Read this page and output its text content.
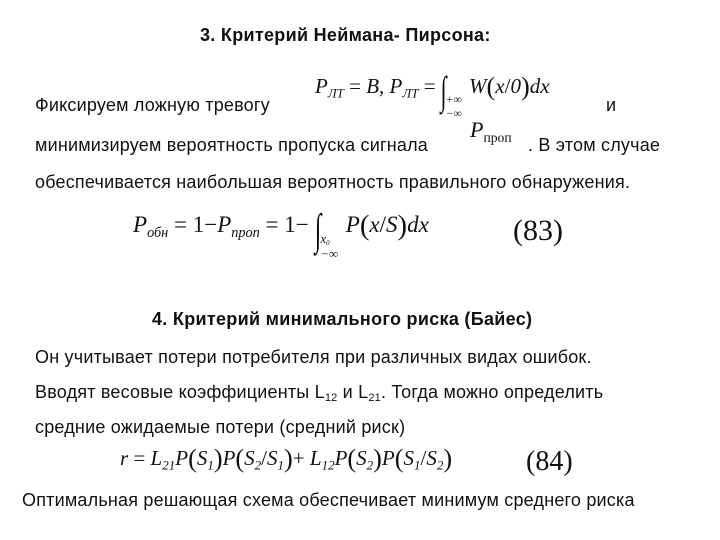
3. Критерий Неймана- Пирсона:
Фиксируем ложную тревогу
$P_{ЛТ} = B$, $P_{ЛТ}$ = ∫ +∞
−∞
W(x/0)dx
и
минимизируем вероятность пропуска сигнала
$P_{проп}$ . В этом случае
обеспечивается наибольшая вероятность правильного обнаружения.
$P_{обн} = 1-P_{проп} = 1-$ ∫ x0
−∞
P(x/S)dx	(83)
4. Критерий минимального риска (Байес)
Он учитывает потери потребителя при различных видах ошибок.
Вводят весовые коэффициенты L12 и L21. Тогда можно определить
средние ожидаемые потери (средний риск)
$r = L_{21}P(S_1)P(S_2/S_1)+ L_{12}P(S_2)P(S_1/S_2)$	(84)
Оптимальная решающая схема обеспечивает минимум среднего риска
